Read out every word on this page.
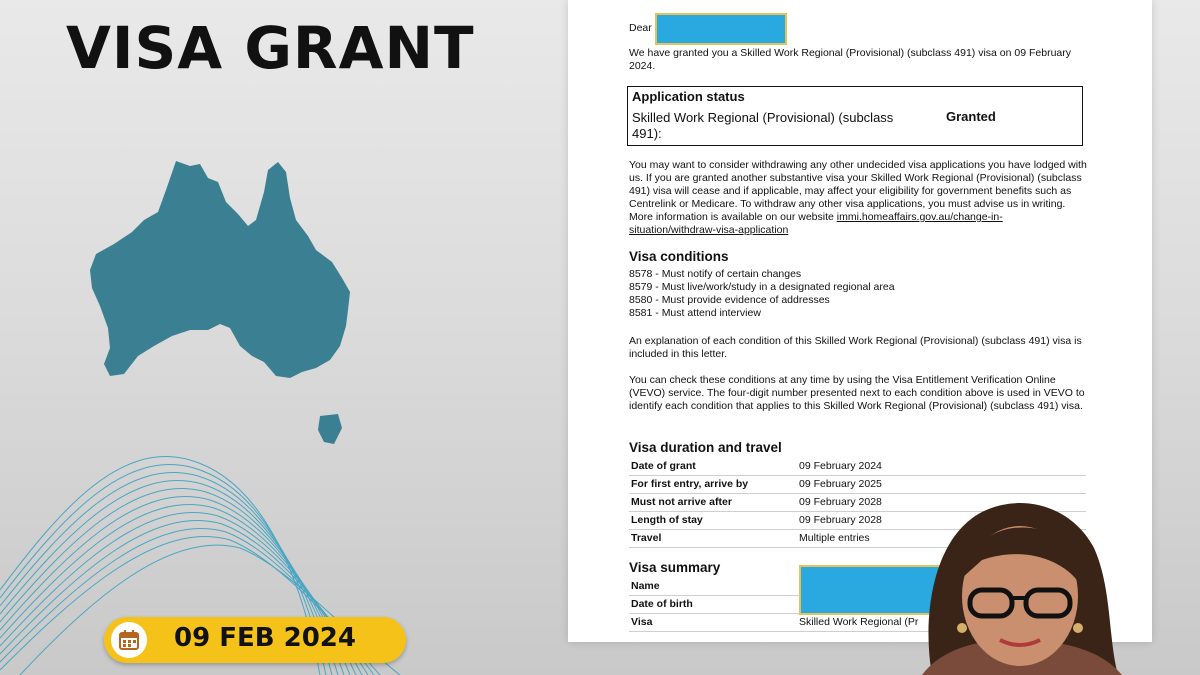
VISA GRANT
09 FEB 2024
Dear
We have granted you a Skilled Work Regional (Provisional) (subclass 491) visa on 09 February 2024.
Application status
Skilled Work Regional (Provisional) (subclass 491):
Granted
You may want to consider withdrawing any other undecided visa applications you have lodged with us. If you are granted another substantive visa your Skilled Work Regional (Provisional) (subclass 491) visa will cease and if applicable, may affect your eligibility for government benefits such as Centrelink or Medicare. To withdraw any other visa applications, you must advise us in writing. More information is available on our website immi.homeaffairs.gov.au/change-in-situation/withdraw-visa-application
Visa conditions
8578 - Must notify of certain changes
8579 - Must live/work/study in a designated regional area
8580 - Must provide evidence of addresses
8581 - Must attend interview
An explanation of each condition of this Skilled Work Regional (Provisional) (subclass 491) visa is included in this letter.
You can check these conditions at any time by using the Visa Entitlement Verification Online (VEVO) service. The four-digit number presented next to each condition above is used in VEVO to identify each condition that applies to this Skilled Work Regional (Provisional) (subclass 491) visa.
Visa duration and travel
Date of grant	09 February 2024
For first entry, arrive by	09 February 2025
Must not arrive after	09 February 2028
Length of stay	09 February 2028
Travel	Multiple entries
Visa summary
Name
Date of birth
Visa	Skilled Work Regional (Pr
